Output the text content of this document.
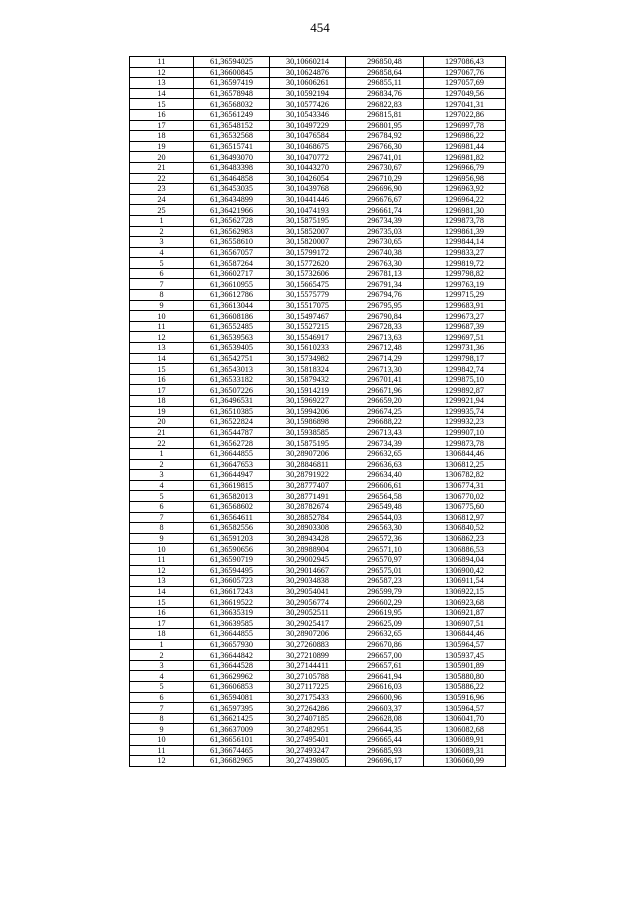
454
11	61,36594025	30,10660214	296850,48	1297086,43
12	61,36600845	30,10624876	296858,64	1297067,76
13	61,36597419	30,10606261	296855,11	1297057,69
14	61,36578948	30,10592194	296834,76	1297049,56
15	61,36568032	30,10577426	296822,83	1297041,31
16	61,36561249	30,10543346	296815,81	1297022,86
17	61,36548152	30,10497229	296801,95	1296997,78
18	61,36532568	30,10476584	296784,92	1296986,22
19	61,36515741	30,10468675	296766,30	1296981,44
20	61,36493070	30,10470772	296741,01	1296981,82
21	61,36483398	30,10443270	296730,67	1296966,79
22	61,36464858	30,10426054	296710,29	1296956,98
23	61,36453035	30,10439768	296696,90	1296963,92
24	61,36434899	30,10441446	296676,67	1296964,22
25	61,36421966	30,10474193	296661,74	1296981,30
1	61,36562728	30,15875195	296734,39	1299873,78
2	61,36562983	30,15852007	296735,03	1299861,39
3	61,36558610	30,15820007	296730,65	1299844,14
4	61,36567057	30,15799172	296740,38	1299833,27
5	61,36587264	30,15772620	296763,30	1299819,72
6	61,36602717	30,15732606	296781,13	1299798,82
7	61,36610955	30,15665475	296791,34	1299763,19
8	61,36612786	30,15575779	296794,76	1299715,29
9	61,36613044	30,15517075	296795,95	1299683,91
10	61,36608186	30,15497467	296790,84	1299673,27
11	61,36552485	30,15527215	296728,33	1299687,39
12	61,36539563	30,15546917	296713,63	1299697,51
13	61,36539405	30,15610233	296712,48	1299731,36
14	61,36542751	30,15734982	296714,29	1299798,17
15	61,36543013	30,15818324	296713,30	1299842,74
16	61,36533182	30,15879432	296701,41	1299875,10
17	61,36507226	30,15914219	296671,96	1299892,87
18	61,36496531	30,15969227	296659,20	1299921,94
19	61,36510385	30,15994206	296674,25	1299935,74
20	61,36522824	30,15986898	296688,22	1299932,23
21	61,36544787	30,15938585	296713,43	1299907,10
22	61,36562728	30,15875195	296734,39	1299873,78
1	61,36644855	30,28907206	296632,65	1306844,46
2	61,36647653	30,28846811	296636,63	1306812,25
3	61,36644947	30,28791922	296634,40	1306782,82
4	61,36619815	30,28777407	296606,61	1306774,31
5	61,36582013	30,28771491	296564,58	1306770,02
6	61,36568602	30,28782674	296549,48	1306775,60
7	61,36564611	30,28852784	296544,03	1306812,97
8	61,36582556	30,28903308	296563,30	1306840,52
9	61,36591203	30,28943428	296572,36	1306862,23
10	61,36590656	30,28988904	296571,10	1306886,53
11	61,36590719	30,29002945	296570,97	1306894,04
12	61,36594495	30,29014667	296575,01	1306900,42
13	61,36605723	30,29034838	296587,23	1306911,54
14	61,36617243	30,29054041	296599,79	1306922,15
15	61,36619522	30,29056774	296602,29	1306923,68
16	61,36635319	30,29052511	296619,95	1306921,87
17	61,36639585	30,29025417	296625,09	1306907,51
18	61,36644855	30,28907206	296632,65	1306844,46
1	61,36657930	30,27260883	296670,86	1305964,57
2	61,36644842	30,27210899	296657,00	1305937,45
3	61,36644528	30,27144411	296657,61	1305901,89
4	61,36629962	30,27105788	296641,94	1305880,80
5	61,36606853	30,27117225	296616,03	1305886,22
6	61,36594081	30,27175433	296600,96	1305916,96
7	61,36597395	30,27264286	296603,37	1305964,57
8	61,36621425	30,27407185	296628,08	1306041,70
9	61,36637009	30,27482951	296644,35	1306082,68
10	61,36656101	30,27495401	296665,44	1306089,91
11	61,36674465	30,27493247	296685,93	1306089,31
12	61,36682965	30,27439805	296696,17	1306060,99
